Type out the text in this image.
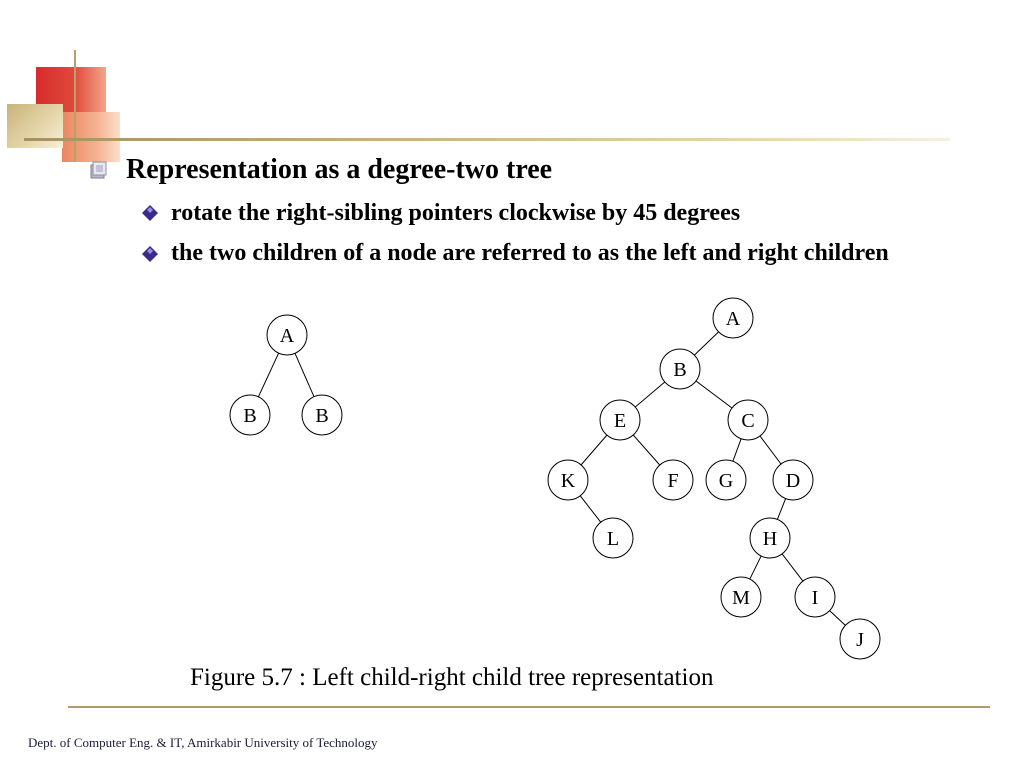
Representation as a degree-two tree
rotate the right-sibling pointers clockwise by 45 degrees
the two children of a node are referred to as the left and right children
A
B	B
A
B
E	C
K	F G	D
L	H
M	I
J
Figure 5.7 : Left child-right child tree representation
Dept. of Computer Eng. & IT, Amirkabir University of Technology
